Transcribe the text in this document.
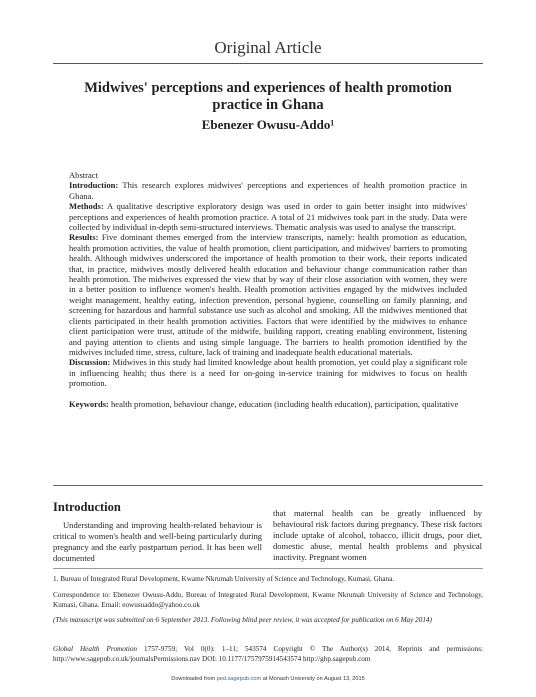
Original Article
Midwives' perceptions and experiences of health promotion practice in Ghana
Ebenezer Owusu-Addo¹

Abstract

Introduction: This research explores midwives' perceptions and experiences of health promotion practice in Ghana.

Methods: A qualitative descriptive exploratory design was used in order to gain better insight into midwives' perceptions and experiences of health promotion practice. A total of 21 midwives took part in the study. Data were collected by individual in-depth semi-structured interviews. Thematic analysis was used to analyse the transcript.

Results: Five dominant themes emerged from the interview transcripts, namely: health promotion as education, health promotion activities, the value of health promotion, client participation, and midwives' barriers to promoting health. Although midwives underscored the importance of health promotion to their work, their reports indicated that, in practice, midwives mostly delivered health education and behaviour change communication rather than health promotion. The midwives expressed the view that by way of their close association with women, they were in a better position to influence women's health. Health promotion activities engaged by the midwives included weight management, healthy eating, infection prevention, personal hygiene, counselling on family planning, and screening for hazardous and harmful substance use such as alcohol and smoking. All the midwives mentioned that clients participated in their health promotion activities. Factors that were identified by the midwives to enhance client participation were trust, attitude of the midwife, building rapport, creating enabling environment, listening and paying attention to clients and using simple language. The barriers to health promotion identified by the midwives included time, stress, culture, lack of training and inadequate health educational materials.

Discussion: Midwives in this study had limited knowledge about health promotion, yet could play a significant role in influencing health; thus there is a need for on-going in-service training for midwives to focus on health promotion.

Keywords: health promotion, behaviour change, education (including health education), participation, qualitative

Introduction

Understanding and improving health-related behaviour is critical to women's health and well-being particularly during pregnancy and the early postpartum period. It has been well documented

that maternal health can be greatly influenced by behavioural risk factors during pregnancy. These risk factors include uptake of alcohol, tobacco, illicit drugs, poor diet, domestic abuse, mental health problems and physical inactivity. Pregnant women

1. Bureau of Integrated Rural Development, Kwame Nkrumah University of Science and Technology, Kumasi, Ghana.

Correspondence to: Ebenezer Owusu-Addo, Bureau of Integrated Rural Development, Kwame Nkrumah University of Science and Technology, Kumasi, Ghana. Email: eowusuaddo@yahoo.co.uk

(This manuscript was submitted on 6 September 2013. Following blind peer review, it was accepted for publication on 6 May 2014)

Global Health Promotion 1757-9759; Vol 0(0): 1–11; 543574 Copyright © The Author(s) 2014, Reprints and permissions: http://www.sagepub.co.uk/journalsPermissions.nav DOI: 10.1177/1757975914543574 http://ghp.sagepub.com

Downloaded from ped.sagepub.com at Monash University on August 13, 2015
